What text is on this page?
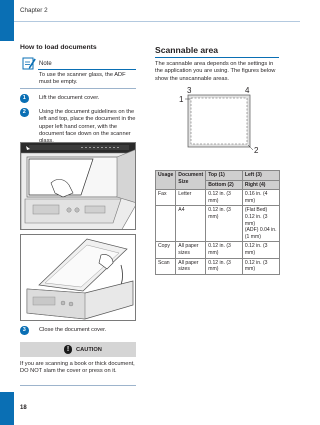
Chapter 2
How to load documents
Note
To use the scanner glass, the ADF must be empty.
1	Lift the document cover.
2	Using the document guidelines on the left and top, place the document in the upper left hand corner, with the document face down on the scanner
3	Close the document cover.
!	CAUTION
If you are scanning a book or thick document, DO NOT slam the cover or press on it.
Scannable area
The scannable area depends on the settings in the application you are using. The figures below show the unscannable areas.
3	4
1
2
Usage	Document Size	Top (1)	Left (3)
		Bottom (2)	Right (4)
Fax	Letter	0.12 in. (3 mm)	0.16 in. (4 mm)
	A4	0.12 in. (3 mm)	(Flat Bed) 0.12 in. (3 mm)
(ADF) 0.04 in. (1 mm)

Copy	All paper sizes	0.12 in. (3 mm)	0.12 in. (3 mm)
Scan	All paper sizes	0.12 in. (3 mm)	0.12 in. (3 mm)
18
